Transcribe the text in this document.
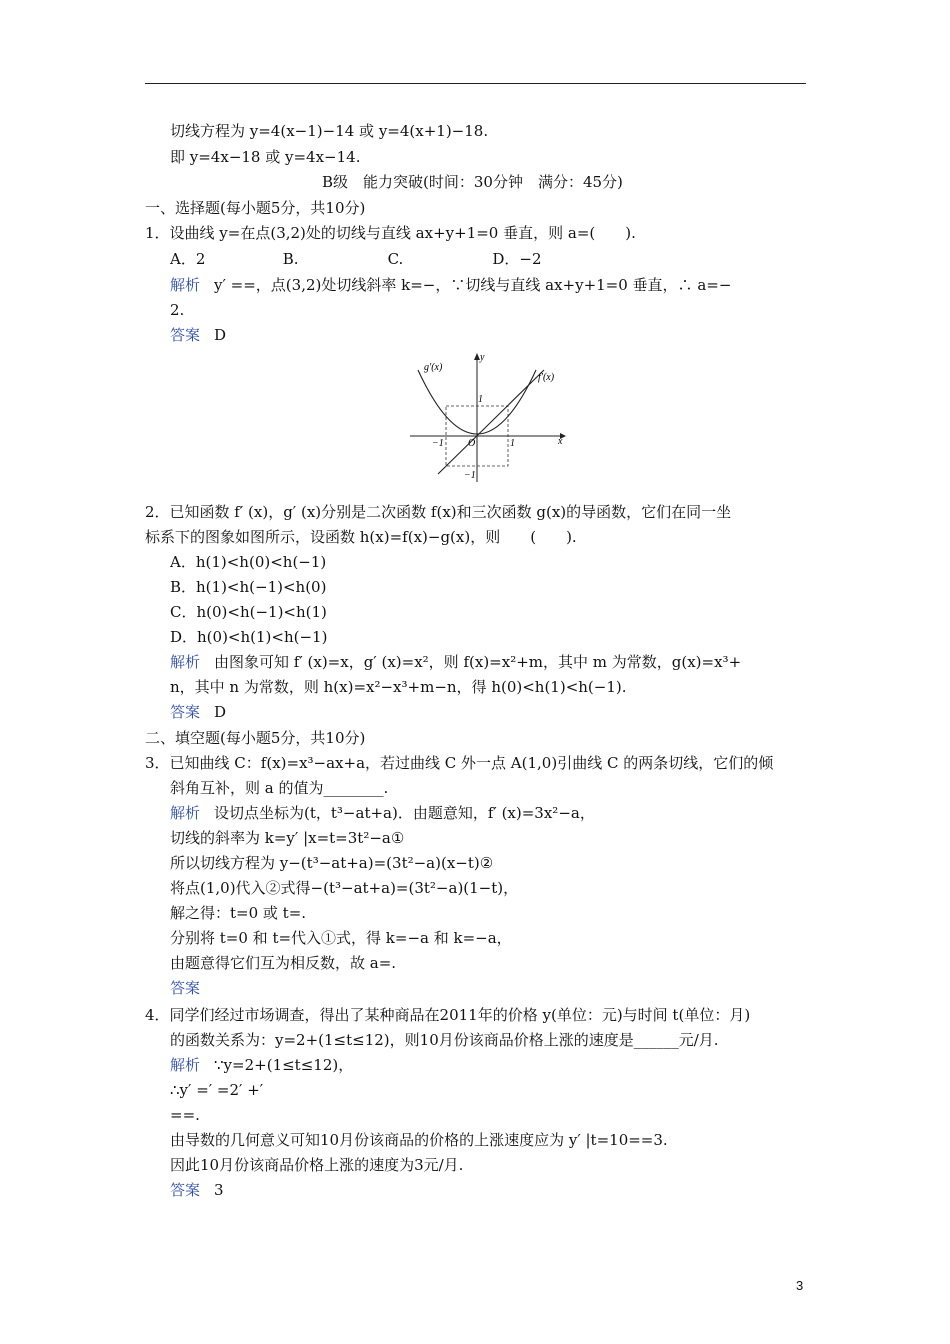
切线方程为 y=4(x−1)−14 或 y=4(x+1)−18.
即 y=4x−18 或 y=4x−14.
B级　能力突破(时间：30分钟　满分：45分)
一、选择题(每小题5分，共10分)
1．设曲线 y=在点(3,2)处的切线与直线 ax+y+1=0 垂直，则 a=(　　).
A．2	B.	C.	D．−2
解析 y′ ==，点(3,2)处切线斜率 k=−，∵切线与直线 ax+y+1=0 垂直，∴ a=−
2.
答案 D
g′(x)
f′(x)
y
x
1
−1 O	1
−1
2．已知函数 f′ (x)，g′ (x)分别是二次函数 f(x)和三次函数 g(x)的导函数，它们在同一坐
标系下的图象如图所示，设函数 h(x)=f(x)−g(x)，则　　(　　).
A．h(1)<h(0)<h(−1)
B．h(1)<h(−1)<h(0)
C．h(0)<h(−1)<h(1)
D．h(0)<h(1)<h(−1)
解析 由图象可知 f′ (x)=x，g′ (x)=x²，则 f(x)=x²+m，其中 m 为常数，g(x)=x³+
n，其中 n 为常数，则 h(x)=x²−x³+m−n，得 h(0)<h(1)<h(−1).
答案 D
二、填空题(每小题5分，共10分)
3．已知曲线 C：f(x)=x³−ax+a，若过曲线 C 外一点 A(1,0)引曲线 C 的两条切线，它们的倾
斜角互补，则 a 的值为________.
解析 设切点坐标为(t，t³−at+a)．由题意知，f′ (x)=3x²−a，
切线的斜率为 k=y′ |x=t=3t²−a①
所以切线方程为 y−(t³−at+a)=(3t²−a)(x−t)②
将点(1,0)代入②式得−(t³−at+a)=(3t²−a)(1−t)，
解之得：t=0 或 t=.
分别将 t=0 和 t=代入①式，得 k=−a 和 k=−a，
由题意得它们互为相反数，故 a=.
答案
4．同学们经过市场调查，得出了某种商品在2011年的价格 y(单位：元)与时间 t(单位：月)
的函数关系为：y=2+(1≤t≤12)，则10月份该商品价格上涨的速度是______元/月.
解析 ∵y=2+(1≤t≤12)，
∴y′ =′ =2′ +′
==.
由导数的几何意义可知10月份该商品的价格的上涨速度应为 y′ |t=10==3.
因此10月份该商品价格上涨的速度为3元/月.
答案 3
3
